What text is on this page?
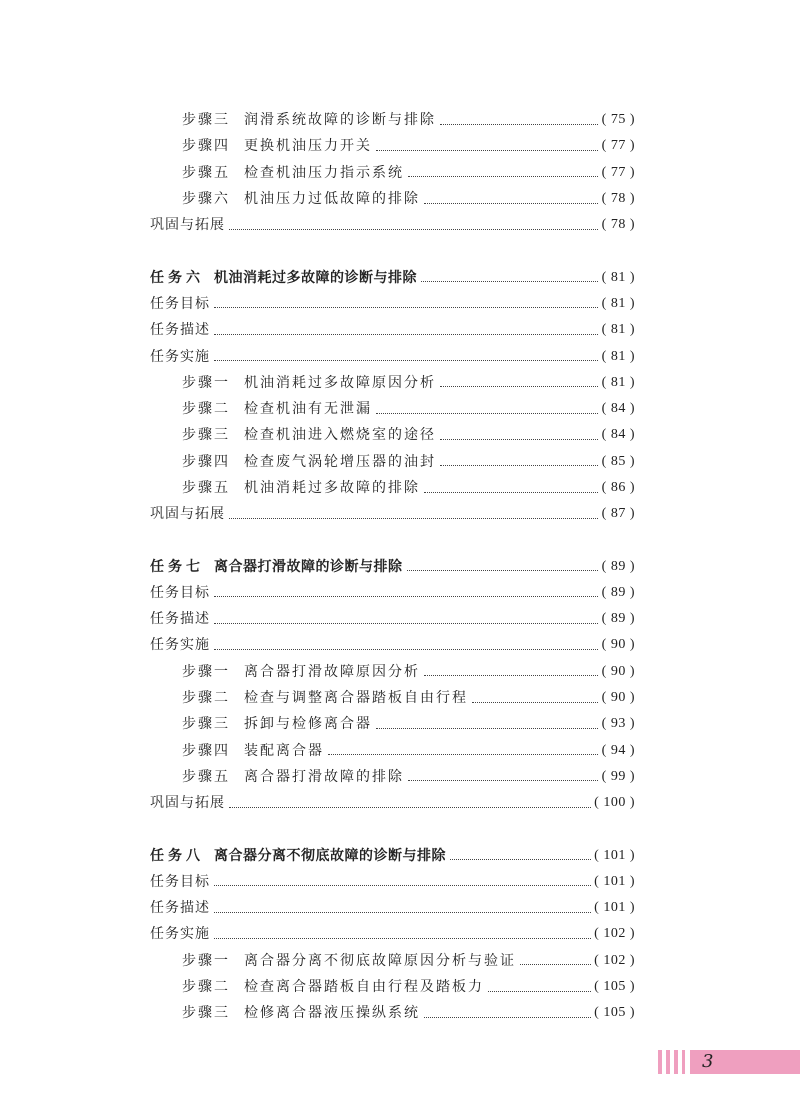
步骤三 润滑系统故障的诊断与排除	( 75 )
步骤四 更换机油压力开关	( 77 )
步骤五 检查机油压力指示系统	( 77 )
步骤六 机油压力过低故障的排除	( 78 )
巩固与拓展	( 78 )
任务六 机油消耗过多故障的诊断与排除	( 81 )
任务目标	( 81 )
任务描述	( 81 )
任务实施	( 81 )
步骤一 机油消耗过多故障原因分析	( 81 )
步骤二 检查机油有无泄漏	( 84 )
步骤三 检查机油进入燃烧室的途径	( 84 )
步骤四 检查废气涡轮增压器的油封	( 85 )
步骤五 机油消耗过多故障的排除	( 86 )
巩固与拓展	( 87 )
任务七 离合器打滑故障的诊断与排除	( 89 )
任务目标	( 89 )
任务描述	( 89 )
任务实施	( 90 )
步骤一 离合器打滑故障原因分析	( 90 )
步骤二 检查与调整离合器踏板自由行程	( 90 )
步骤三 拆卸与检修离合器	( 93 )
步骤四 装配离合器	( 94 )
步骤五 离合器打滑故障的排除	( 99 )
巩固与拓展	( 100 )
任务八 离合器分离不彻底故障的诊断与排除	( 101 )
任务目标	( 101 )
任务描述	( 101 )
任务实施	( 102 )
步骤一 离合器分离不彻底故障原因分析与验证	( 102 )
步骤二 检查离合器踏板自由行程及踏板力	( 105 )
步骤三 检修离合器液压操纵系统	( 105 )
3
